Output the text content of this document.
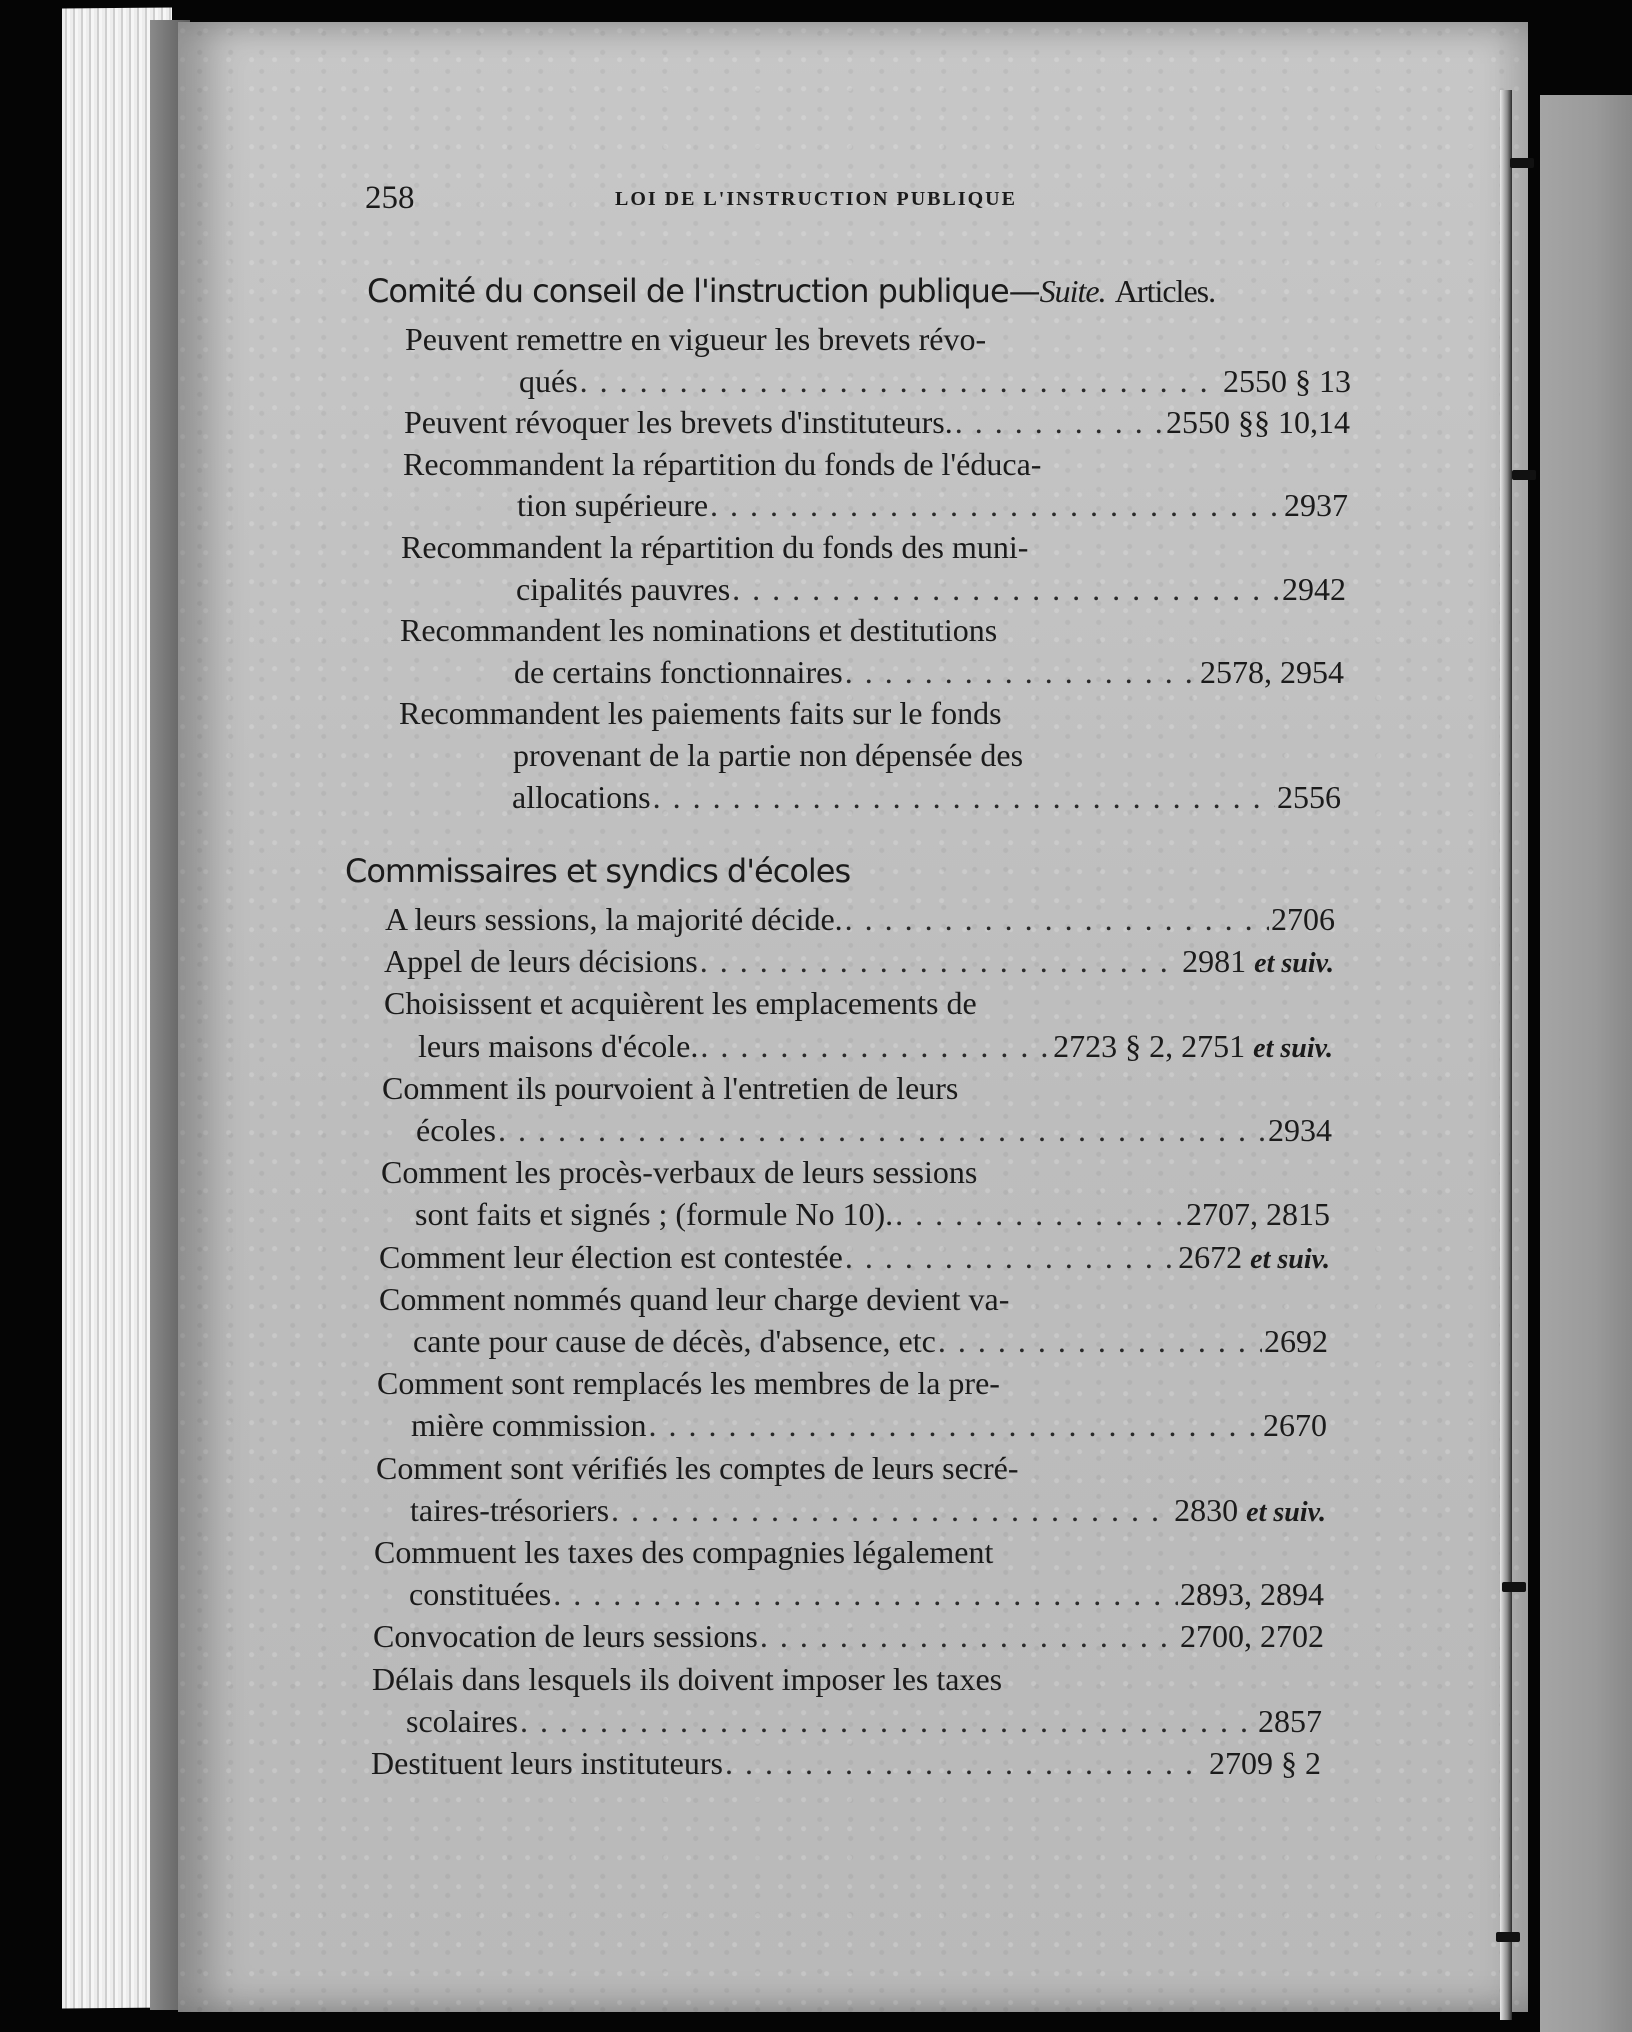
258	LOI DE L'INSTRUCTION PUBLIQUE
Comité du conseil de l'instruction publique—Suite. Articles.
Commissaires et syndics d'écoles
Peuvent remettre en vigueur les brevets révo-
qués . . .	2550 § 13
Peuvent révoquer les brevets d'instituteurs. . . .	2550 §§ 10,14
Recommandent la répartition du fonds de l'éduca-
tion supérieure . . .	2937
Recommandent la répartition du fonds des muni-
cipalités pauvres . . .	2942
Recommandent les nominations et destitutions
de certains fonctionnaires . . .	2578, 2954
Recommandent les paiements faits sur le fonds
provenant de la partie non dépensée des
allocations . . .	2556
A leurs sessions, la majorité décide. . . .	2706
Appel de leurs décisions . . .	2981 et suiv.
Choisissent et acquièrent les emplacements de
leurs maisons d'école. . . .	2723 § 2, 2751 et suiv.
Comment ils pourvoient à l'entretien de leurs
écoles . . .	2934
Comment les procès-verbaux de leurs sessions
sont faits et signés ; (formule No 10). . . .	2707, 2815
Comment leur élection est contestée . . .	2672 et suiv.
Comment nommés quand leur charge devient va-
cante pour cause de décès, d'absence, etc . . .	2692
Comment sont remplacés les membres de la pre-
mière commission . . .	2670
Comment sont vérifiés les comptes de leurs secré-
taires-trésoriers . . .	2830 et suiv.
Commuent les taxes des compagnies légalement
constituées . . .	2893, 2894
Convocation de leurs sessions . . .	2700, 2702
Délais dans lesquels ils doivent imposer les taxes
scolaires . . .	2857
Destituent leurs instituteurs . . .	2709 § 2
